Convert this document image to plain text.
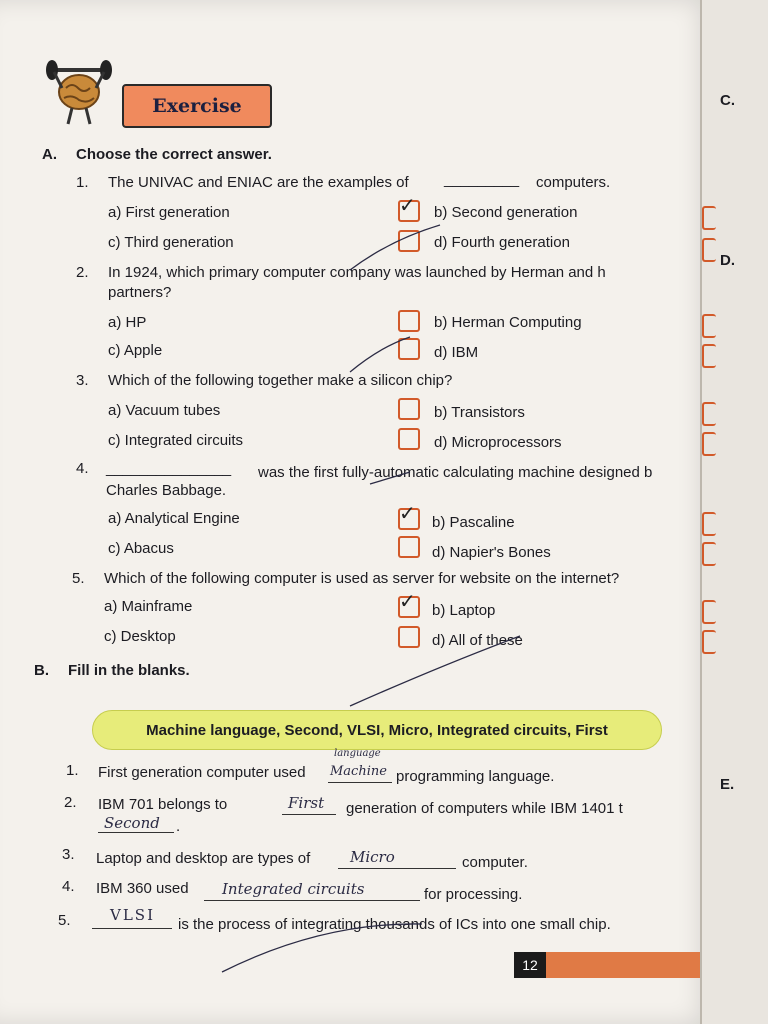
Exercise
A. Choose the correct answer.
1. The UNIVAC and ENIAC are the examples of _________ computers.
a) First generation	✓ b) Second generation
c) Third generation	d) Fourth generation
2. In 1924, which primary computer company was launched by Herman and h
partners?
a) HP	b) Herman Computing
c) Apple	d) IBM
3. Which of the following together make a silicon chip?
a) Vacuum tubes	b) Transistors
c) Integrated circuits	d) Microprocessors
4. _______________ was the first fully-automatic calculating machine designed b
Charles Babbage.
a) Analytical Engine	✓ b) Pascaline
c) Abacus	d) Napier's Bones
5. Which of the following computer is used as server for website on the internet?
a) Mainframe	✓ b) Laptop
c) Desktop	d) All of these
B. Fill in the blanks.
Machine language, Second, VLSI, Micro, Integrated circuits, First
1. First generation computer used Machine
language
programming language.
2. IBM 701 belongs to	First generation of computers while IBM 1401 t
Second .
3. Laptop and desktop are types of	Micro	computer.
4. IBM 360 used Integrated circuits	for processing.
5.	VLSI
is the process of integrating thousands of ICs into one small chip.
12
C.
D.
E.
